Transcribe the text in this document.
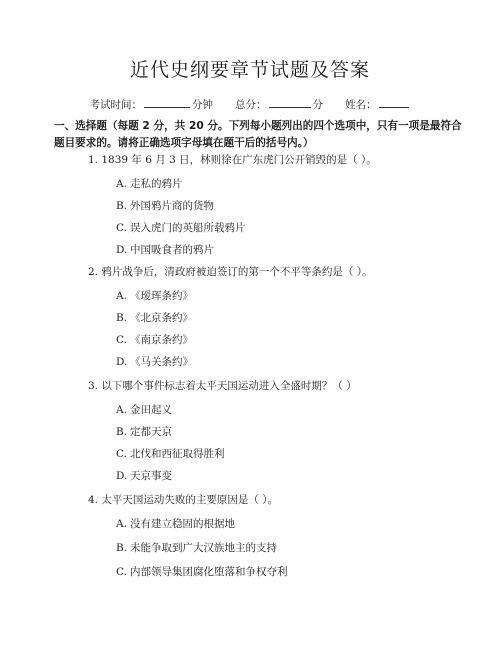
近代史纲要章节试题及答案
考试时间：	分钟 总分：	分 姓名：
一、选择题（每题 2 分，共 20 分。下列每小题列出的四个选项中，只有一项是最符合题目要求的。请将正确选项字母填在题干后的括号内。）
1. 1839 年 6 月 3 日，林则徐在广东虎门公开销毁的是（ ）。
A. 走私的鸦片
B. 外国鸦片商的货物
C. 误入虎门的英船所载鸦片
D. 中国吸食者的鸦片
2. 鸦片战争后，清政府被迫签订的第一个不平等条约是（ ）。
A. 《瑷珲条约》
B. 《北京条约》
C. 《南京条约》
D. 《马关条约》
3. 以下哪个事件标志着太平天国运动进入全盛时期？（ ）
A. 金田起义
B. 定都天京
C. 北伐和西征取得胜利
D. 天京事变
4. 太平天国运动失败的主要原因是（ ）。
A. 没有建立稳固的根据地
B. 未能争取到广大汉族地主的支持
C. 内部领导集团腐化堕落和争权夺利
